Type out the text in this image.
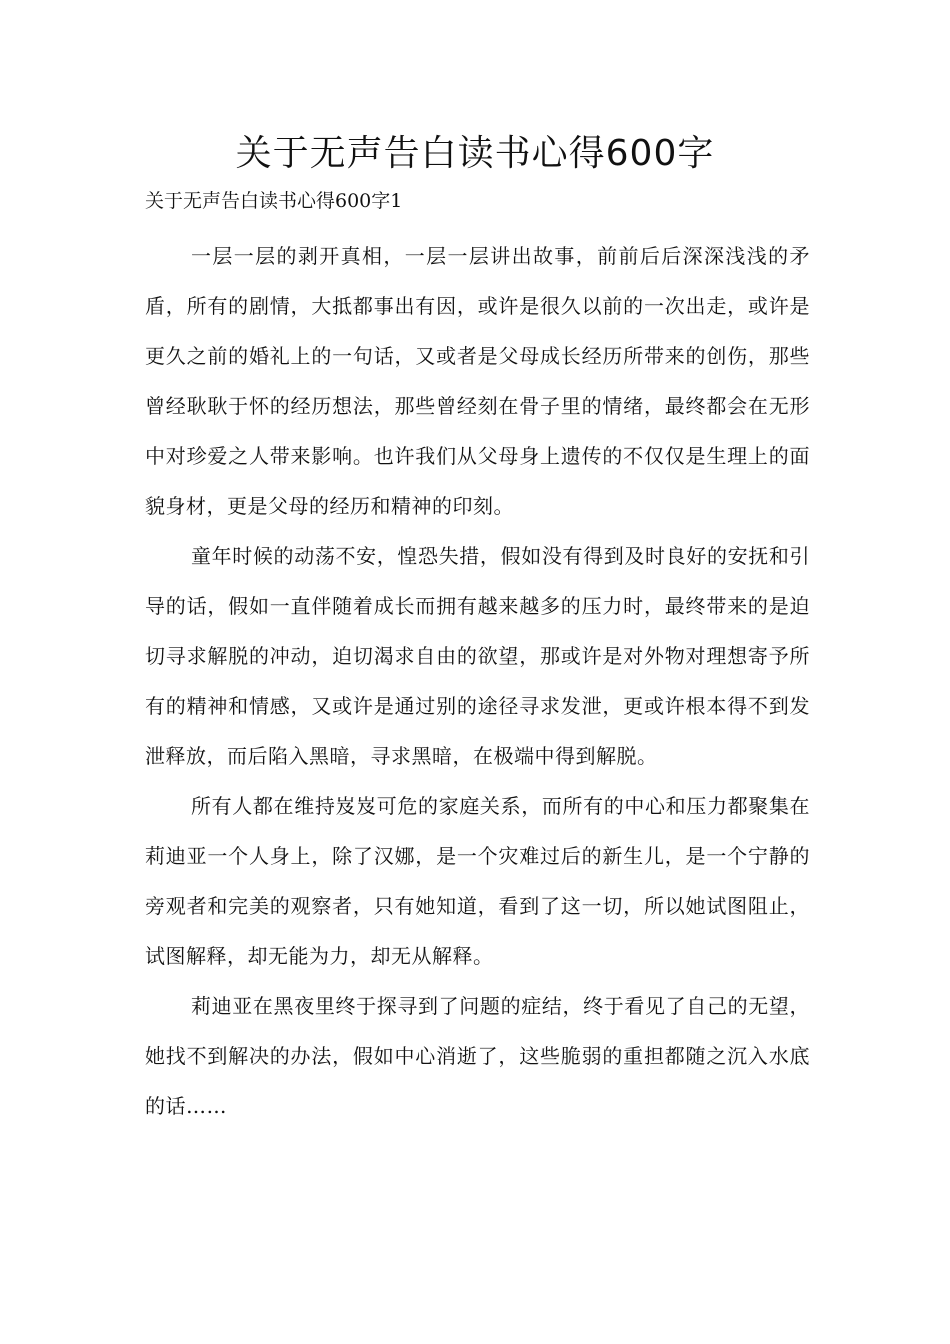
关于无声告白读书心得600字

关于无声告白读书心得600字1

一层一层的剥开真相，一层一层讲出故事，前前后后深深浅浅的矛盾，所有的剧情，大抵都事出有因，或许是很久以前的一次出走，或许是更久之前的婚礼上的一句话，又或者是父母成长经历所带来的创伤，那些曾经耿耿于怀的经历想法，那些曾经刻在骨子里的情绪，最终都会在无形中对珍爱之人带来影响。也许我们从父母身上遗传的不仅仅是生理上的面貌身材，更是父母的经历和精神的印刻。

童年时候的动荡不安，惶恐失措，假如没有得到及时良好的安抚和引导的话，假如一直伴随着成长而拥有越来越多的压力时，最终带来的是迫切寻求解脱的冲动，迫切渴求自由的欲望，那或许是对外物对理想寄予所有的精神和情感，又或许是通过别的途径寻求发泄，更或许根本得不到发泄释放，而后陷入黑暗，寻求黑暗，在极端中得到解脱。

所有人都在维持岌岌可危的家庭关系，而所有的中心和压力都聚集在莉迪亚一个人身上，除了汉娜，是一个灾难过后的新生儿，是一个宁静的旁观者和完美的观察者，只有她知道，看到了这一切，所以她试图阻止，试图解释，却无能为力，却无从解释。

莉迪亚在黑夜里终于探寻到了问题的症结，终于看见了自己的无望，她找不到解决的办法，假如中心消逝了，这些脆弱的重担都随之沉入水底的话……
